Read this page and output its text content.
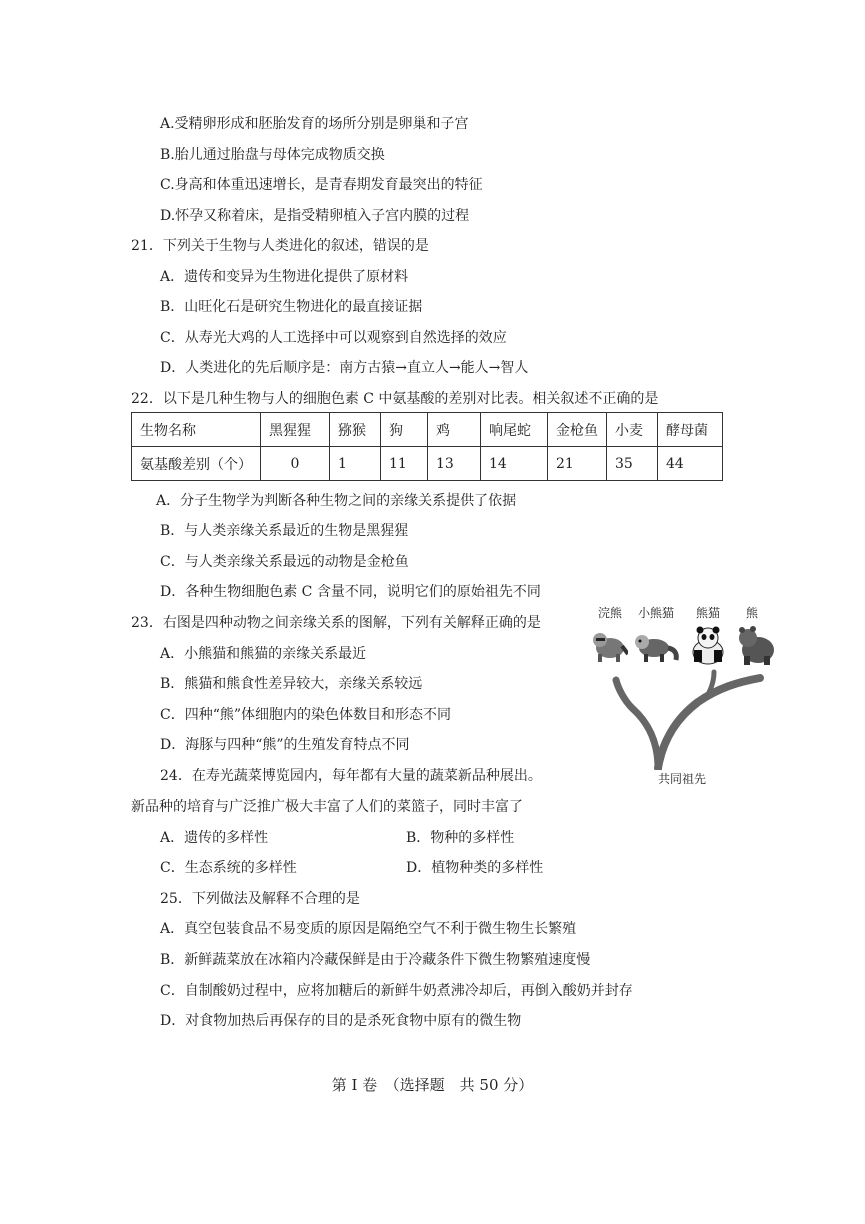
A.受精卵形成和胚胎发育的场所分别是卵巢和子宫
B.胎儿通过胎盘与母体完成物质交换
C.身高和体重迅速增长，是青春期发育最突出的特征
D.怀孕又称着床，是指受精卵植入子宫内膜的过程
21．下列关于生物与人类进化的叙述，错误的是
A．遗传和变异为生物进化提供了原材料
B．山旺化石是研究生物进化的最直接证据
C．从寿光大鸡的人工选择中可以观察到自然选择的效应
D．人类进化的先后顺序是：南方古猿→直立人→能人→智人
22．以下是几种生物与人的细胞色素 C 中氨基酸的差别对比表。相关叙述不正确的是
生物名称	黑猩猩	猕猴	狗	鸡	响尾蛇	金枪鱼	小麦	酵母菌
氨基酸差别（个）	0	1	11	13	14	21	35	44
A．分子生物学为判断各种生物之间的亲缘关系提供了依据
B．与人类亲缘关系最近的生物是黑猩猩
C．与人类亲缘关系最远的动物是金枪鱼
D．各种生物细胞色素 C 含量不同，说明它们的原始祖先不同
23．右图是四种动物之间亲缘关系的图解，下列有关解释正确的是
A．小熊猫和熊猫的亲缘关系最近
B．熊猫和熊食性差异较大，亲缘关系较远
C．四种“熊”体细胞内的染色体数目和形态不同
D．海豚与四种“熊”的生殖发育特点不同
浣熊 小熊猫 熊猫 熊
共同祖先
24．在寿光蔬菜博览园内，每年都有大量的蔬菜新品种展出。
新品种的培育与广泛推广极大丰富了人们的菜篮子，同时丰富了
A．遗传的多样性	B．物种的多样性
C．生态系统的多样性	D．植物种类的多样性
25．下列做法及解释不合理的是
A．真空包装食品不易变质的原因是隔绝空气不利于微生物生长繁殖
B．新鲜蔬菜放在冰箱内冷藏保鲜是由于冷藏条件下微生物繁殖速度慢
C．自制酸奶过程中，应将加糖后的新鲜牛奶煮沸冷却后，再倒入酸奶并封存
D．对食物加热后再保存的目的是杀死食物中原有的微生物
第 I 卷　（选择题　共 50 分）
